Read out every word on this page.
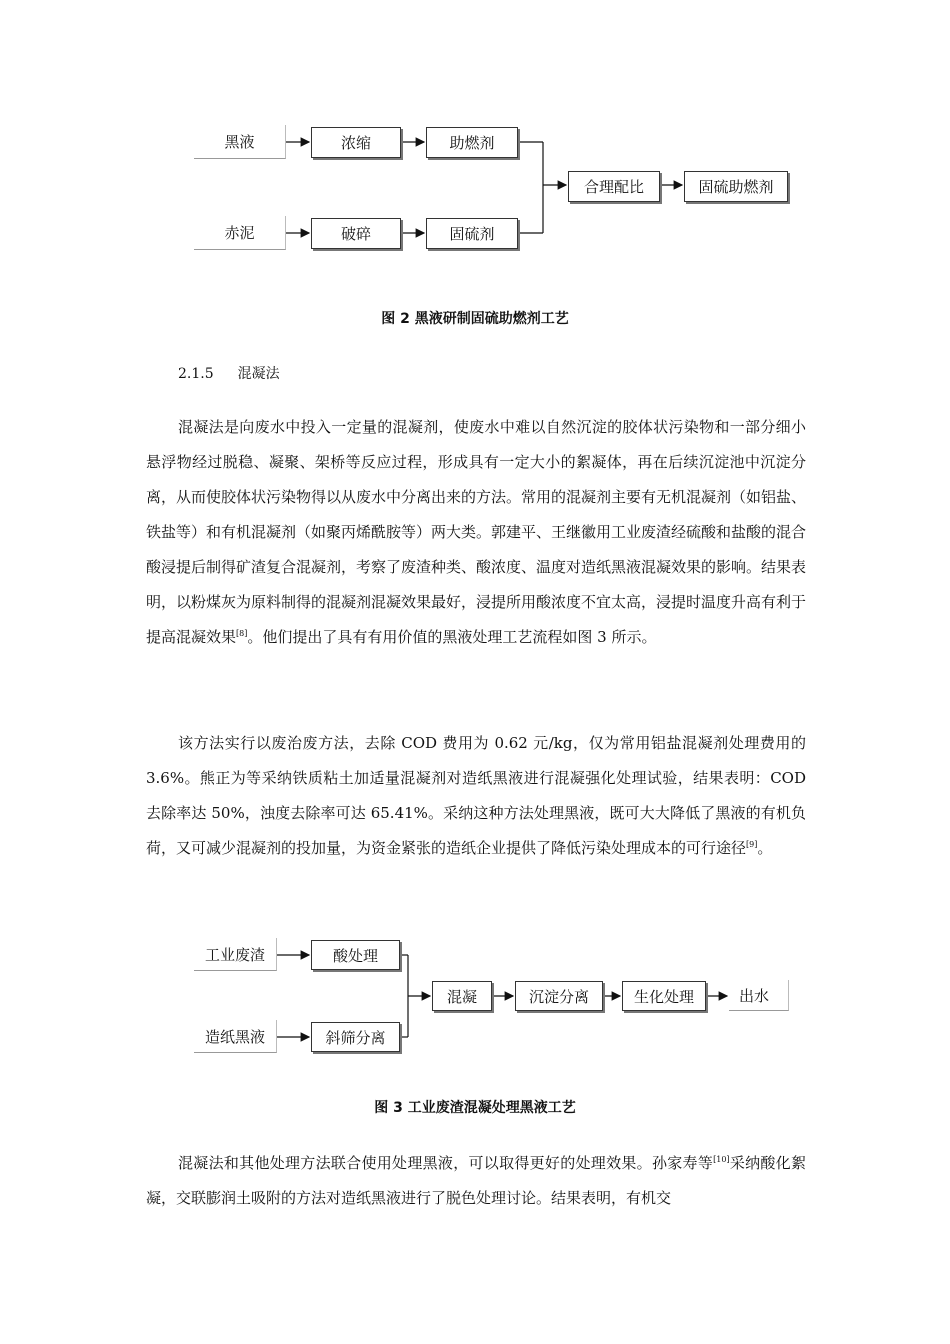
黑液	浓缩	助燃剂
赤泥	破碎	固硫剂
合理配比	固硫助燃剂
图 2 黑液研制固硫助燃剂工艺
2.1.5 混凝法

混凝法是向废水中投入一定量的混凝剂，使废水中难以自然沉淀的胶体状污染物和一部分细小悬浮物经过脱稳、凝聚、架桥等反应过程，形成具有一定大小的絮凝体，再在后续沉淀池中沉淀分离，从而使胶体状污染物得以从废水中分离出来的方法。常用的混凝剂主要有无机混凝剂（如铝盐、铁盐等）和有机混凝剂（如聚丙烯酰胺等）两大类。郭建平、王继徽用工业废渣经硫酸和盐酸的混合酸浸提后制得矿渣复合混凝剂，考察了废渣种类、酸浓度、温度对造纸黑液混凝效果的影响。结果表明，以粉煤灰为原料制得的混凝剂混凝效果最好，浸提所用酸浓度不宜太高，浸提时温度升高有利于提高混凝效果[8]。他们提出了具有有用价值的黑液处理工艺流程如图 3 所示。

该方法实行以废治废方法，去除 COD 费用为 0.62 元/kg，仅为常用铝盐混凝剂处理费用的 3.6%。熊正为等采纳铁质粘土加适量混凝剂对造纸黑液进行混凝强化处理试验，结果表明：COD 去除率达 50%，浊度去除率可达 65.41%。采纳这种方法处理黑液，既可大大降低了黑液的有机负荷，又可减少混凝剂的投加量，为资金紧张的造纸企业提供了降低污染处理成本的可行途径[9]。

工业废渣	酸处理
造纸黑液	斜筛分离
混凝	沉淀分离	生化处理	出水
图 3 工业废渣混凝处理黑液工艺

混凝法和其他处理方法联合使用处理黑液，可以取得更好的处理效果。孙家寿等[10]采纳酸化絮凝，交联膨润土吸附的方法对造纸黑液进行了脱色处理讨论。结果表明，有机交
